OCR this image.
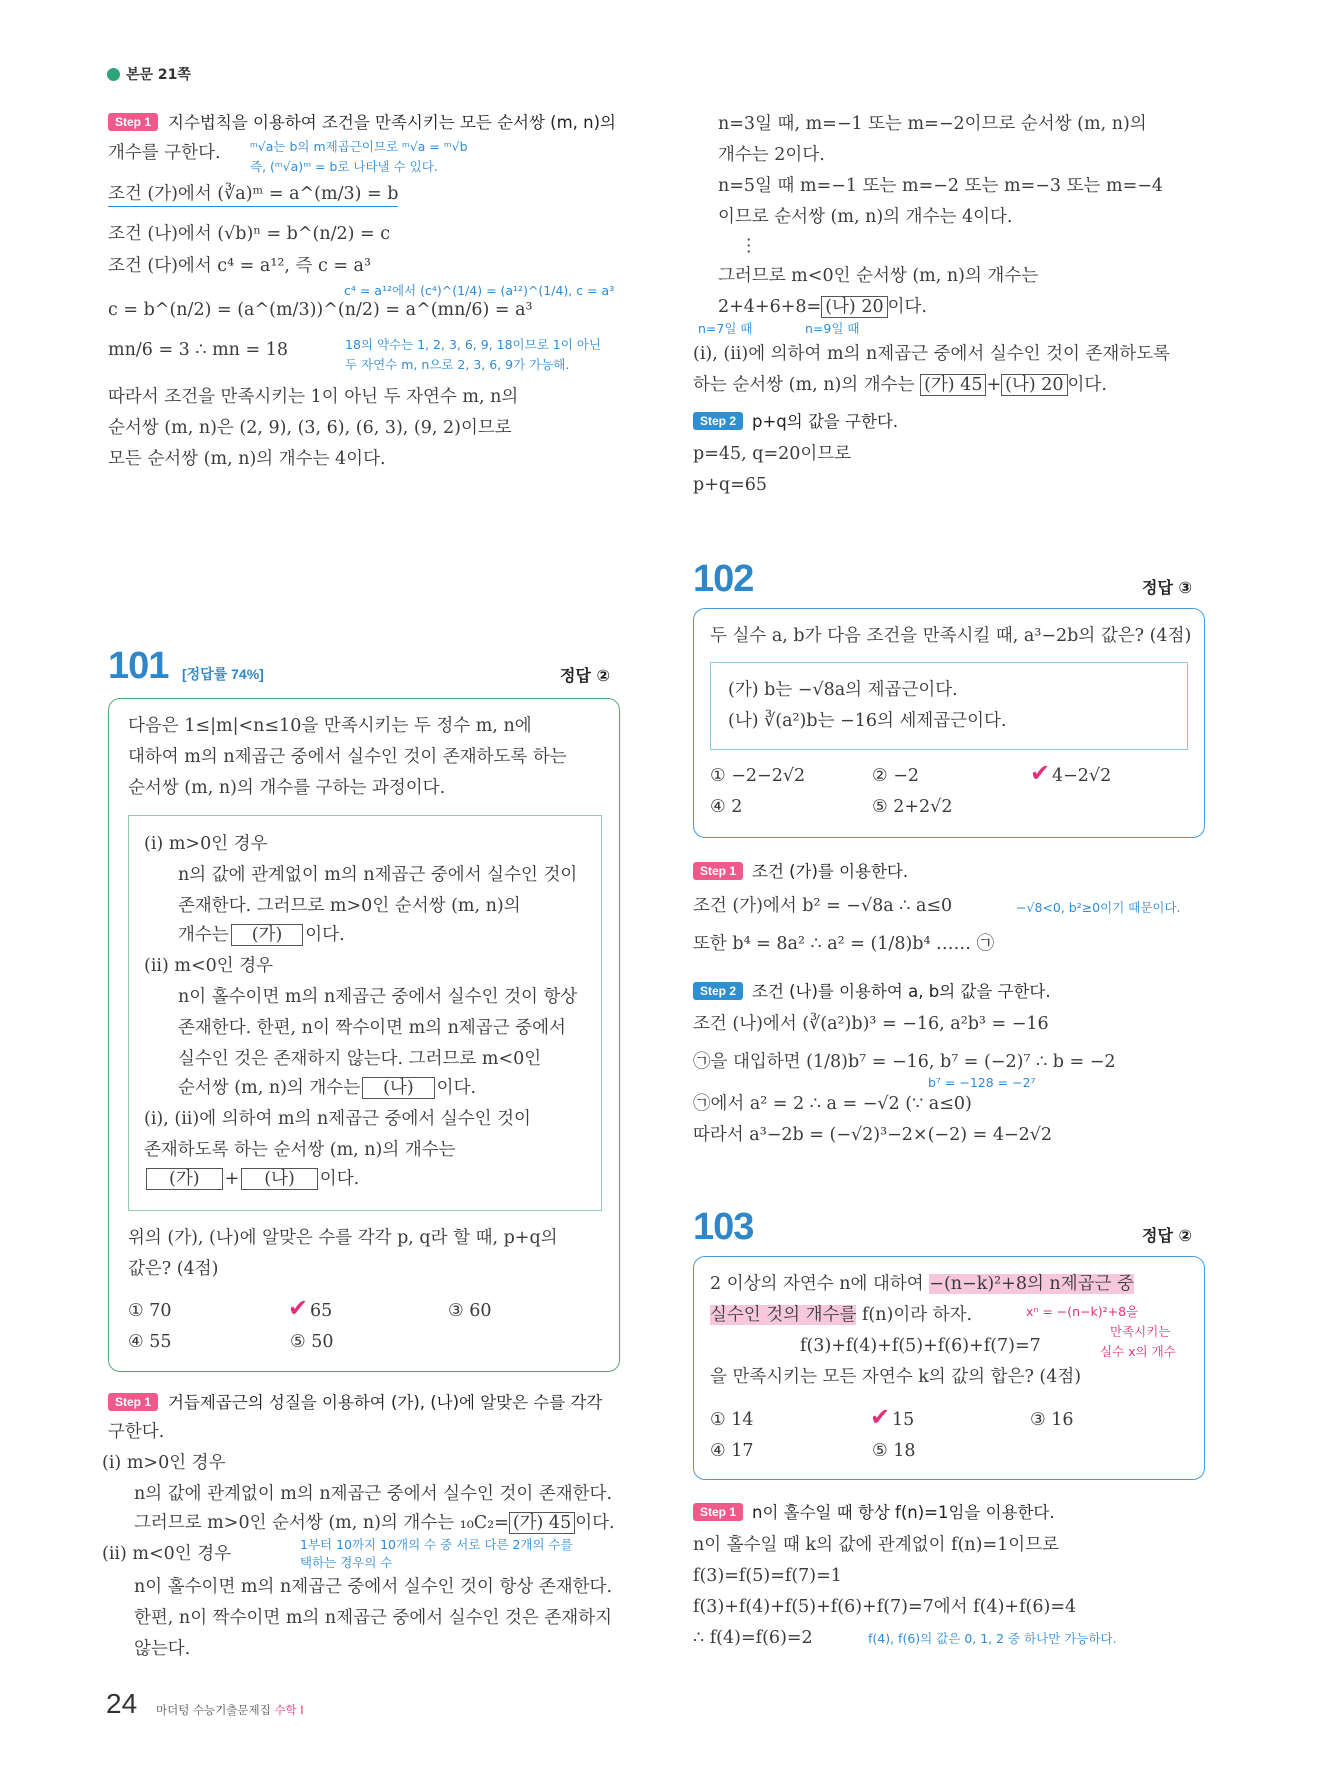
본문 21쪽
Step 1	지수법칙을 이용하여 조건을 만족시키는 모든 순서쌍 (m, n)의
개수를 구한다. ᵐ√a는 b의 m제곱근이므로 ᵐ√a = ᵐ√b
즉, (ᵐ√a)ᵐ = b로 나타낼 수 있다.
조건 (가)에서 (∛a)ᵐ = a^(m/3) = b
조건 (나)에서 (√b)ⁿ = b^(n/2) = c
조건 (다)에서 c⁴ = a¹², 즉 c = a³
c⁴ = a¹²에서 (c⁴)^(1/4) = (a¹²)^(1/4), c = a³
c = b^(n/2) = (a^(m/3))^(n/2) = a^(mn/6) = a³
mn/6 = 3 ∴ mn = 18	18의 약수는 1, 2, 3, 6, 9, 18이므로 1이 아닌
두 자연수 m, n으로 2, 3, 6, 9가 가능해.
따라서 조건을 만족시키는 1이 아닌 두 자연수 m, n의
순서쌍 (m, n)은 (2, 9), (3, 6), (6, 3), (9, 2)이므로
모든 순서쌍 (m, n)의 개수는 4이다.
n=3일 때, m=−1 또는 m=−2이므로 순서쌍 (m, n)의
개수는 2이다.
n=5일 때 m=−1 또는 m=−2 또는 m=−3 또는 m=−4
이므로 순서쌍 (m, n)의 개수는 4이다.
⋮
그러므로 m<0인 순서쌍 (m, n)의 개수는
2+4+6+8= (나) 20 이다.
n=7일 때	n=9일 때
(i), (ii)에 의하여 m의 n제곱근 중에서 실수인 것이 존재하도록
하는 순서쌍 (m, n)의 개수는 (가) 45 + (나) 20 이다.
Step 2 p+q의 값을 구한다.
p=45, q=20이므로
p+q=65
101 [정답률 74%]	정답 ②
다음은 1≤|m|<n≤10을 만족시키는 두 정수 m, n에
대하여 m의 n제곱근 중에서 실수인 것이 존재하도록 하는
순서쌍 (m, n)의 개수를 구하는 과정이다.
(i) m>0인 경우
n의 값에 관계없이 m의 n제곱근 중에서 실수인 것이
존재한다. 그러므로 m>0인 순서쌍 (m, n)의
개수는 (가) 이다.
(ii) m<0인 경우
n이 홀수이면 m의 n제곱근 중에서 실수인 것이 항상
존재한다. 한편, n이 짝수이면 m의 n제곱근 중에서
실수인 것은 존재하지 않는다. 그러므로 m<0인
순서쌍 (m, n)의 개수는 (나) 이다.
(i), (ii)에 의하여 m의 n제곱근 중에서 실수인 것이
존재하도록 하는 순서쌍 (m, n)의 개수는
(가) + (나) 이다.
위의 (가), (나)에 알맞은 수를 각각 p, q라 할 때, p+q의
값은? (4점)
① 70	✔ 65	③ 60
④ 55	⑤ 50
Step 1	거듭제곱근의 성질을 이용하여 (가), (나)에 알맞은 수를 각각
구한다.
(i) m>0인 경우
n의 값에 관계없이 m의 n제곱근 중에서 실수인 것이 존재한다.
그러므로 m>0인 순서쌍 (m, n)의 개수는 ₁₀C₂= (가) 45 이다.
1부터 10까지 10개의 수 중 서로 다른 2개의 수를
택하는 경우의 수
(ii) m<0인 경우
n이 홀수이면 m의 n제곱근 중에서 실수인 것이 항상 존재한다.
한편, n이 짝수이면 m의 n제곱근 중에서 실수인 것은 존재하지
않는다.
102	정답 ③
두 실수 a, b가 다음 조건을 만족시킬 때, a³−2b의 값은? (4점)
(가) b는 −√8a의 제곱근이다.
(나) ∛(a²)b는 −16의 세제곱근이다.
① −2−2√2	② −2	✔ 4−2√2
④ 2	⑤ 2+2√2
Step 1 조건 (가)를 이용한다.
조건 (가)에서 b² = −√8a ∴ a≤0	−√8<0, b²≥0이기 때문이다.
또한 b⁴ = 8a² ∴ a² = (1/8)b⁴ …… ㉠
Step 2 조건 (나)를 이용하여 a, b의 값을 구한다.
조건 (나)에서 (∛(a²)b)³ = −16, a²b³ = −16
㉠을 대입하면 (1/8)b⁷ = −16, b⁷ = (−2)⁷ ∴ b = −2
b⁷ = −128 = −2⁷
㉠에서 a² = 2 ∴ a = −√2 (∵ a≤0)
따라서 a³−2b = (−√2)³−2×(−2) = 4−2√2
103	정답 ②
2 이상의 자연수 n에 대하여 −(n−k)²+8의 n제곱근 중
실수인 것의 개수를 f(n)이라 하자.	xⁿ = −(n−k)²+8을
만족시키는
실수 x의 개수
f(3)+f(4)+f(5)+f(6)+f(7)=7
을 만족시키는 모든 자연수 k의 값의 합은? (4점)
① 14	✔ 15	③ 16
④ 17	⑤ 18
Step 1 n이 홀수일 때 항상 f(n)=1임을 이용한다.
n이 홀수일 때 k의 값에 관계없이 f(n)=1이므로
f(3)=f(5)=f(7)=1
f(3)+f(4)+f(5)+f(6)+f(7)=7에서 f(4)+f(6)=4
∴ f(4)=f(6)=2	f(4), f(6)의 값은 0, 1, 2 중 하나만 가능하다.
24 마더텅 수능기출문제집 수학 I
